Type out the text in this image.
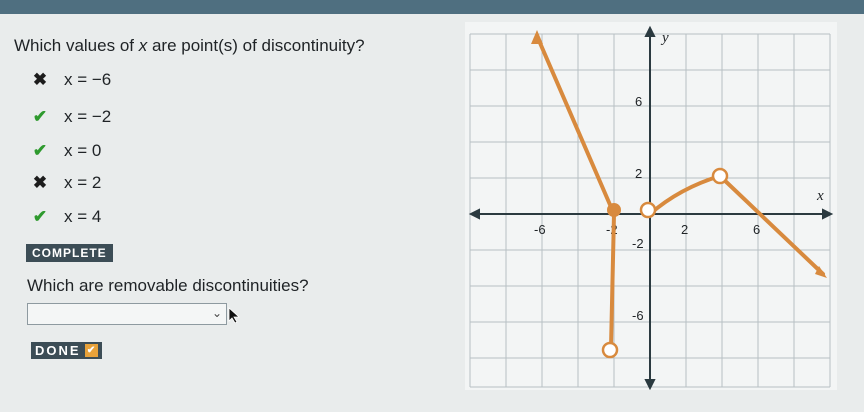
Which values of x are point(s) of discontinuity?
✖ x = −6
✔ x = −2
✔ x = 0
✖ x = 2
✔ x = 4
COMPLETE
Which are removable discontinuities?
⌄
DONE ✔
y
x
-6	-2	2	6
6
2
-2
-6
